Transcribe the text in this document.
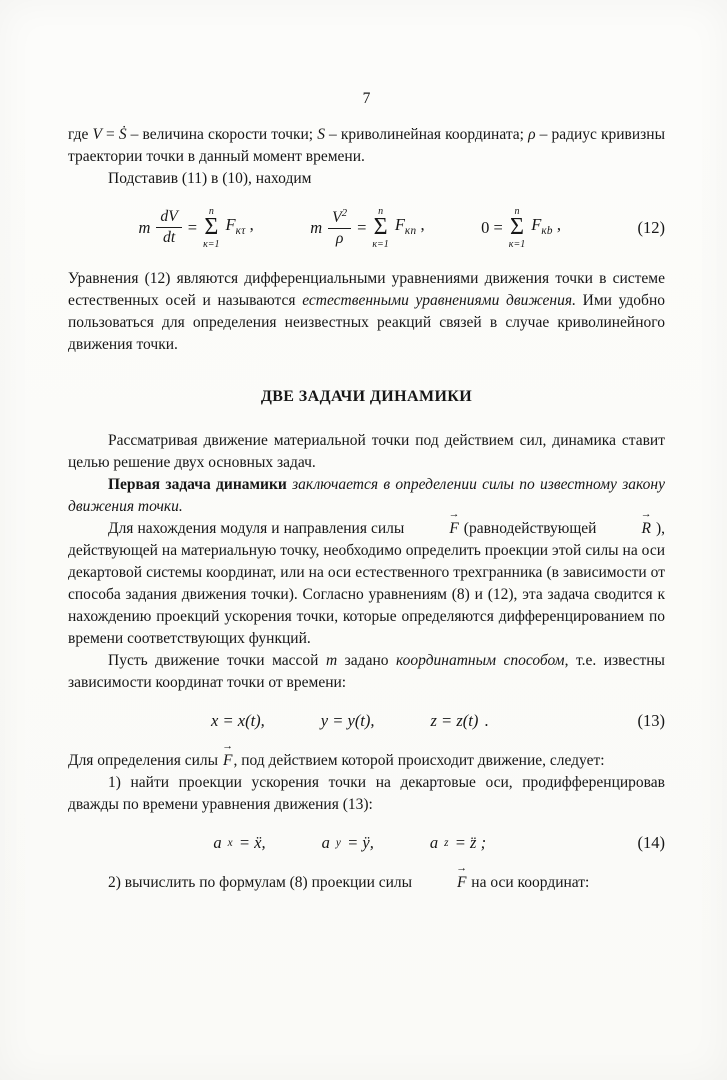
7

где V = Ṡ – величина скорости точки; S – криволинейная координата; ρ – радиус кривизны траектории точки в данный момент времени.

Подставив (11) в (10), находим

m $\frac{dV}{dt}$ =
n
Σ
к=1
$F_{к\tau}$ ,	m $\frac{V^2}{\rho}$ =
n
Σ
к=1
$F_{кп}$ ,	0 =
n
Σ
к=1
$F_{кb}$ ,	(12)

Уравнения (12) являются дифференциальными уравнениями движения точки в системе естественных осей и называются естественными уравнениями движения. Ими удобно пользоваться для определения неизвестных реакций связей в случае криволинейного движения точки.

ДВЕ ЗАДАЧИ ДИНАМИКИ

Рассматривая движение материальной точки под действием сил, динамика ставит целью решение двух основных задач.

Первая задача динамики заключается в определении силы по известному закону движения точки.

Для нахождения модуля и направления силы
→
F (равнодействующей
→
R ), действующей на материальную точку, необходимо определить проекции этой силы на оси декартовой системы координат, или на оси естественного трехгранника (в зависимости от способа задания движения точки). Согласно уравнениям (8) и (12), эта задача сводится к нахождению проекций ускорения точки, которые определяются дифференцированием по времени соответствующих функций.

Пусть движение точки массой m задано координатным способом, т.е. известны зависимости координат точки от времени:

x = x(t),	y = y(t),	z = z(t) .	(13)

Для определения силы
→
F, под действием которой происходит движение, следует:

1) найти проекции ускорения точки на декартовые оси, продифференцировав дважды по времени уравнения движения (13):

a x = ẍ,	a y = ÿ,	a z = z̈ ;	(14)

2) вычислить по формулам (8) проекции силы
→
F на оси координат:
